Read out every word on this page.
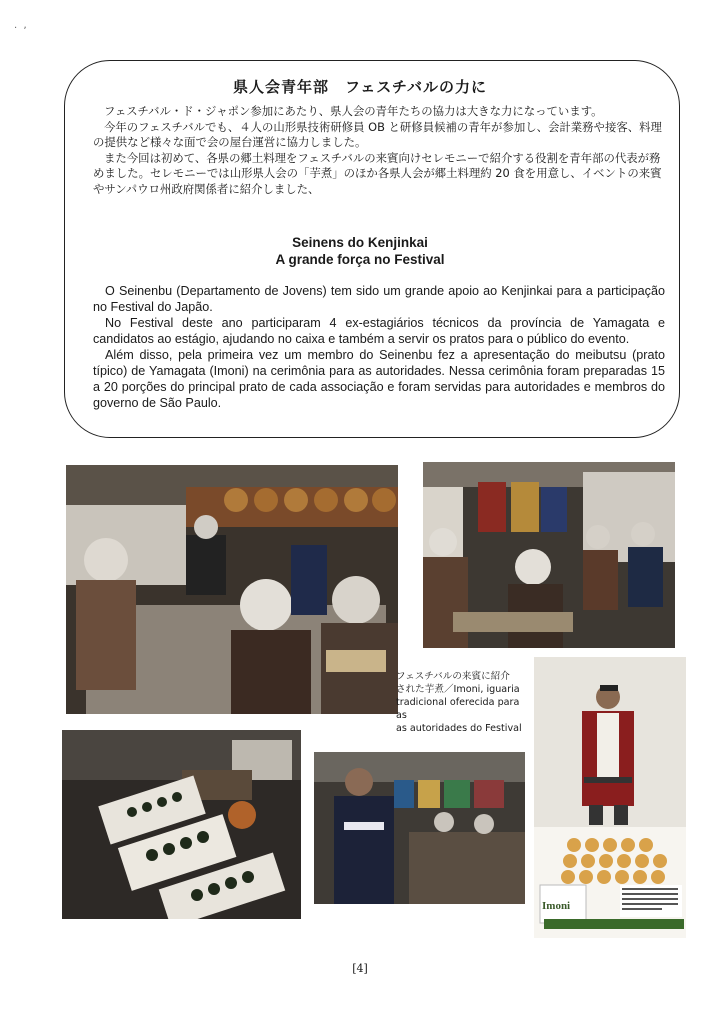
.  ,
県人会青年部　フェスチバルの力に

フェスチバル・ド・ジャポン参加にあたり、県人会の青年たちの協力は大きな力になっています。

今年のフェスチバルでも、４人の山形県技術研修員 OB と研修員候補の青年が参加し、会計業務や接客、料理の提供など様々な面で会の屋台運営に協力しました。

また今回は初めて、各県の郷土料理をフェスチバルの来賓向けセレモニーで紹介する役割を青年部の代表が務めました。セレモニーでは山形県人会の「芋煮」のほか各県人会が郷土料理約 20 食を用意し、イベントの来賓やサンパウロ州政府関係者に紹介しました、

Seinens do Kenjinkai
A grande força no Festival

O Seinenbu (Departamento de Jovens) tem sido um grande apoio ao Kenjinkai para a participação no Festival do Japão.

No Festival deste ano participaram 4 ex-estagiários técnicos da província de Yamagata e candidatos ao estágio, ajudando no caixa e também a servir os pratos para o público do evento.

Além disso, pela primeira vez um membro do Seinenbu fez a apresentação do meibutsu (prato típico) de Yamagata (Imoni) na cerimônia para as autoridades. Nessa cerimônia foram preparadas 15 a 20 porções do principal prato de cada associação e foram servidas para autoridades e membros do governo de São Paulo.

Imoni
フェスチバルの来賓に紹介
された芋煮／Imoni, iguaria
tradicional oferecida para as
as autoridades do Festival
[4]
